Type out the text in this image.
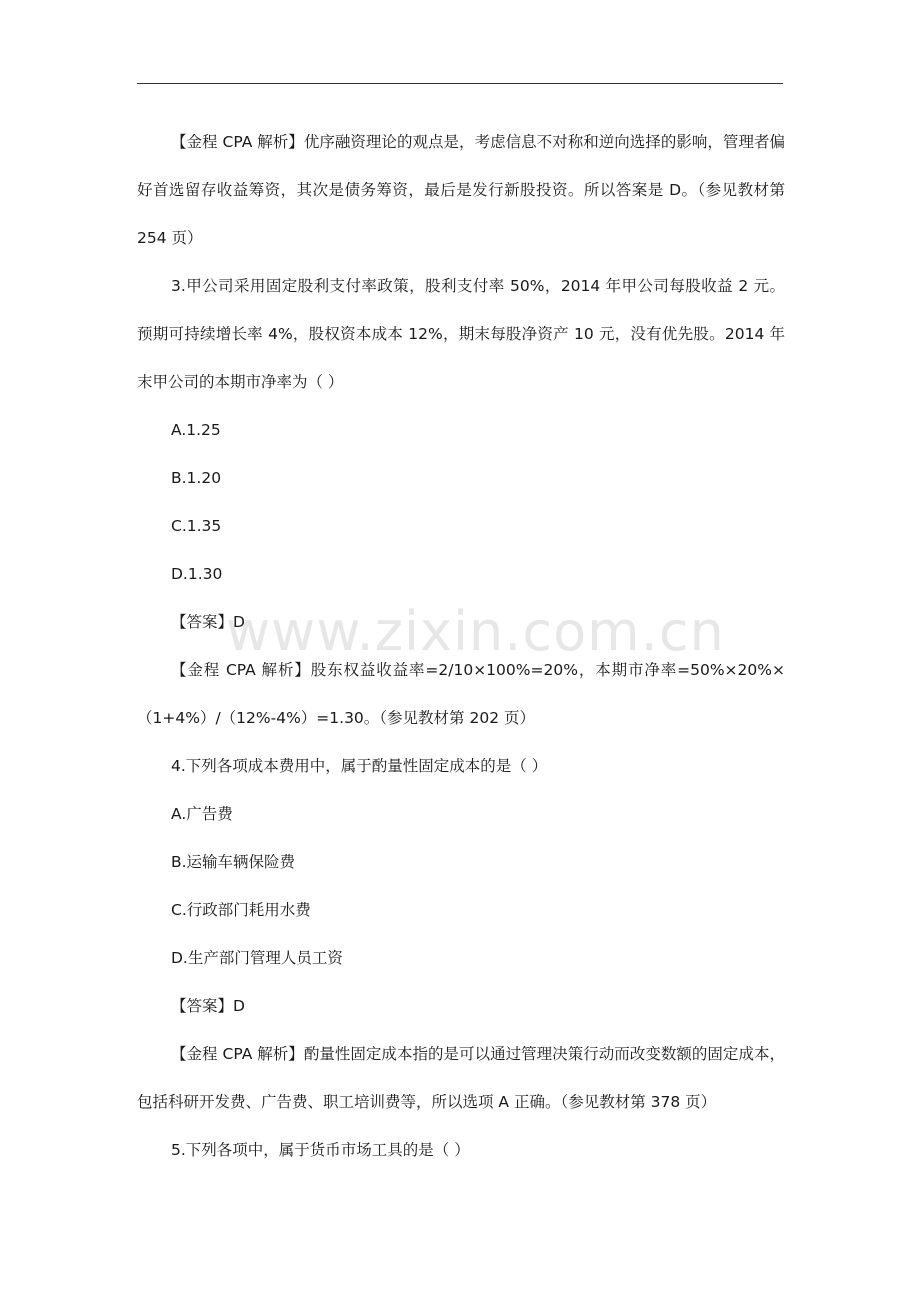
【金程 CPA 解析】优序融资理论的观点是，考虑信息不对称和逆向选择的影响，管理者偏好首选留存收益筹资，其次是债务筹资，最后是发行新股投资。所以答案是 D。（参见教材第 254 页）

3.甲公司采用固定股利支付率政策，股利支付率 50%，2014 年甲公司每股收益 2 元。预期可持续增长率 4%，股权资本成本 12%，期末每股净资产 10 元，没有优先股。2014 年末甲公司的本期市净率为（ ）

A.1.25

B.1.20

C.1.35

D.1.30

【答案】D

【金程 CPA 解析】股东权益收益率=2/10×100%=20%，本期市净率=50%×20%×（1+4%）/（12%-4%）=1.30。（参见教材第 202 页）

4.下列各项成本费用中，属于酌量性固定成本的是（ ）

A.广告费

B.运输车辆保险费

C.行政部门耗用水费

D.生产部门管理人员工资

【答案】D

【金程 CPA 解析】酌量性固定成本指的是可以通过管理决策行动而改变数额的固定成本，包括科研开发费、广告费、职工培训费等，所以选项 A 正确。（参见教材第 378 页）

5.下列各项中，属于货币市场工具的是（ ）

www.zixin.com.cn
